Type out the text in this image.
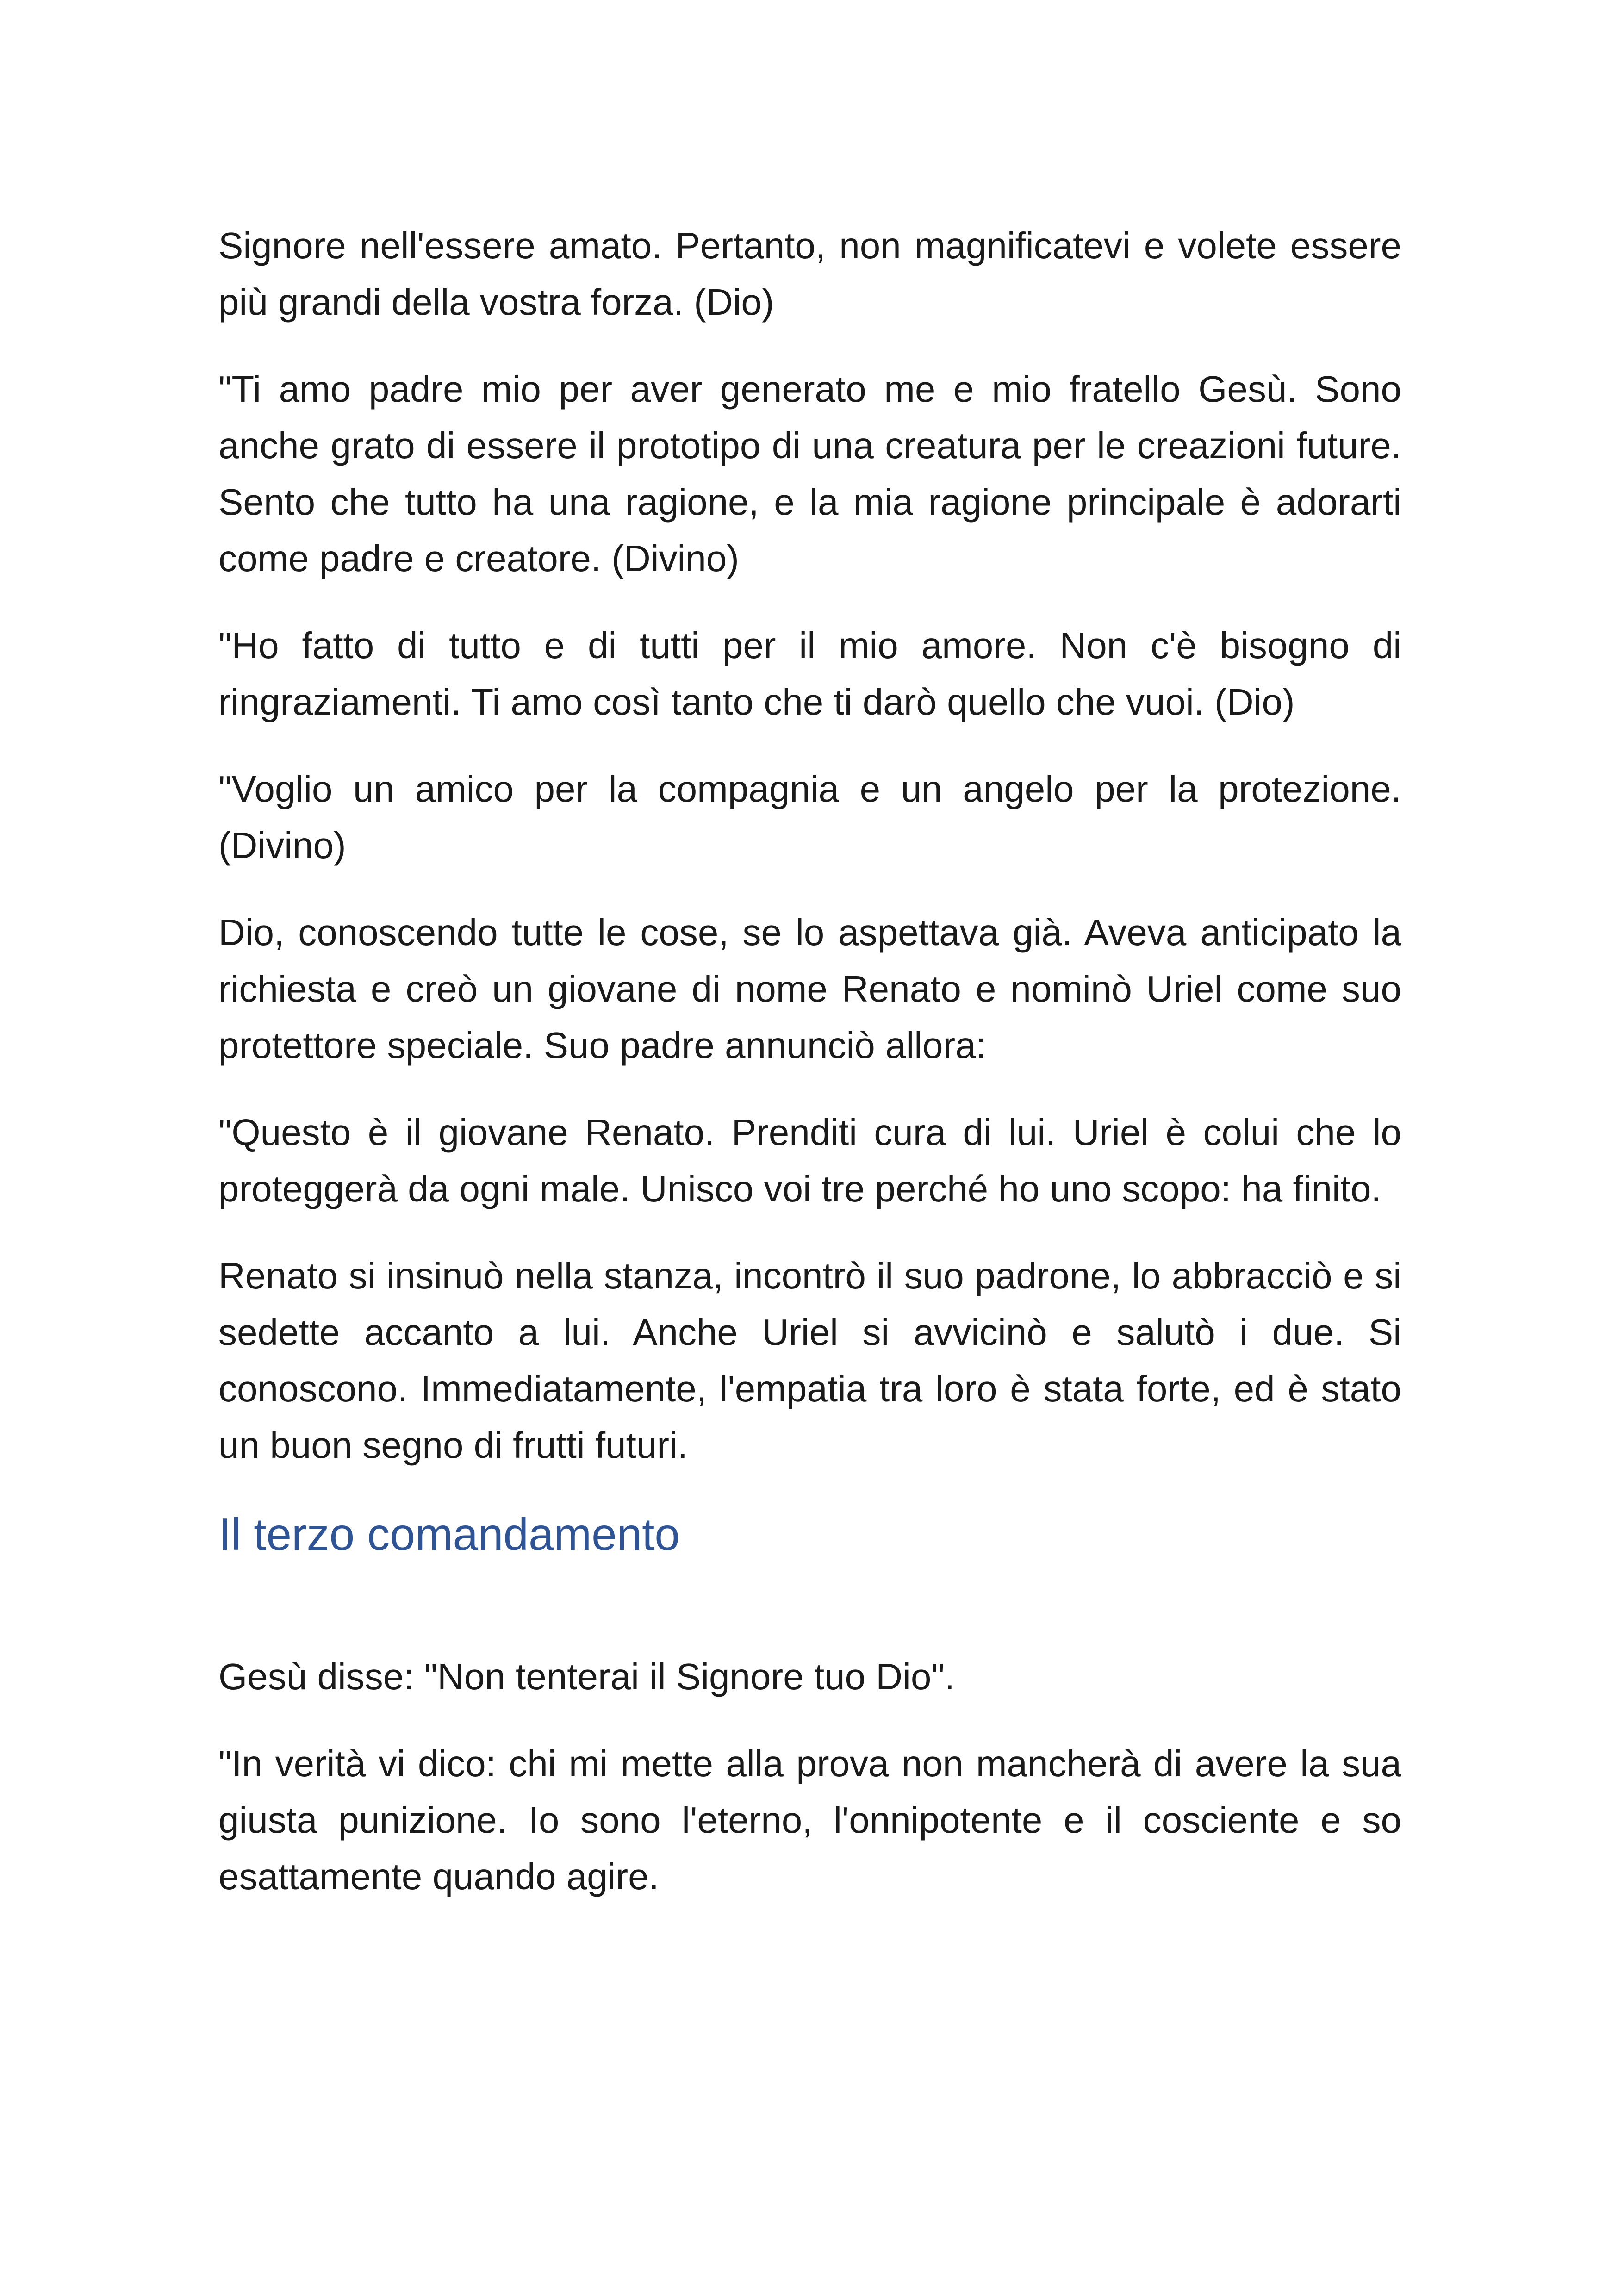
Signore nell'essere amato. Pertanto, non magnificatevi e volete essere più grandi della vostra forza. (Dio)

"Ti amo padre mio per aver generato me e mio fratello Gesù. Sono anche grato di essere il prototipo di una creatura per le creazioni future. Sento che tutto ha una ragione, e la mia ragione principale è adorarti come padre e creatore. (Divino)

"Ho fatto di tutto e di tutti per il mio amore. Non c'è bisogno di ringraziamenti. Ti amo così tanto che ti darò quello che vuoi. (Dio)

"Voglio un amico per la compagnia e un angelo per la protezione. (Divino)

Dio, conoscendo tutte le cose, se lo aspettava già. Aveva anticipato la richiesta e creò un giovane di nome Renato e nominò Uriel come suo protettore speciale. Suo padre annunciò allora:

"Questo è il giovane Renato. Prenditi cura di lui. Uriel è colui che lo proteggerà da ogni male. Unisco voi tre perché ho uno scopo: ha finito.

Renato si insinuò nella stanza, incontrò il suo padrone, lo abbracciò e si sedette accanto a lui. Anche Uriel si avvicinò e salutò i due. Si conoscono. Immediatamente, l'empatia tra loro è stata forte, ed è stato un buon segno di frutti futuri.

Il terzo comandamento

Gesù disse: "Non tenterai il Signore tuo Dio".

"In verità vi dico: chi mi mette alla prova non mancherà di avere la sua giusta punizione. Io sono l'eterno, l'onnipotente e il cosciente e so esattamente quando agire.
